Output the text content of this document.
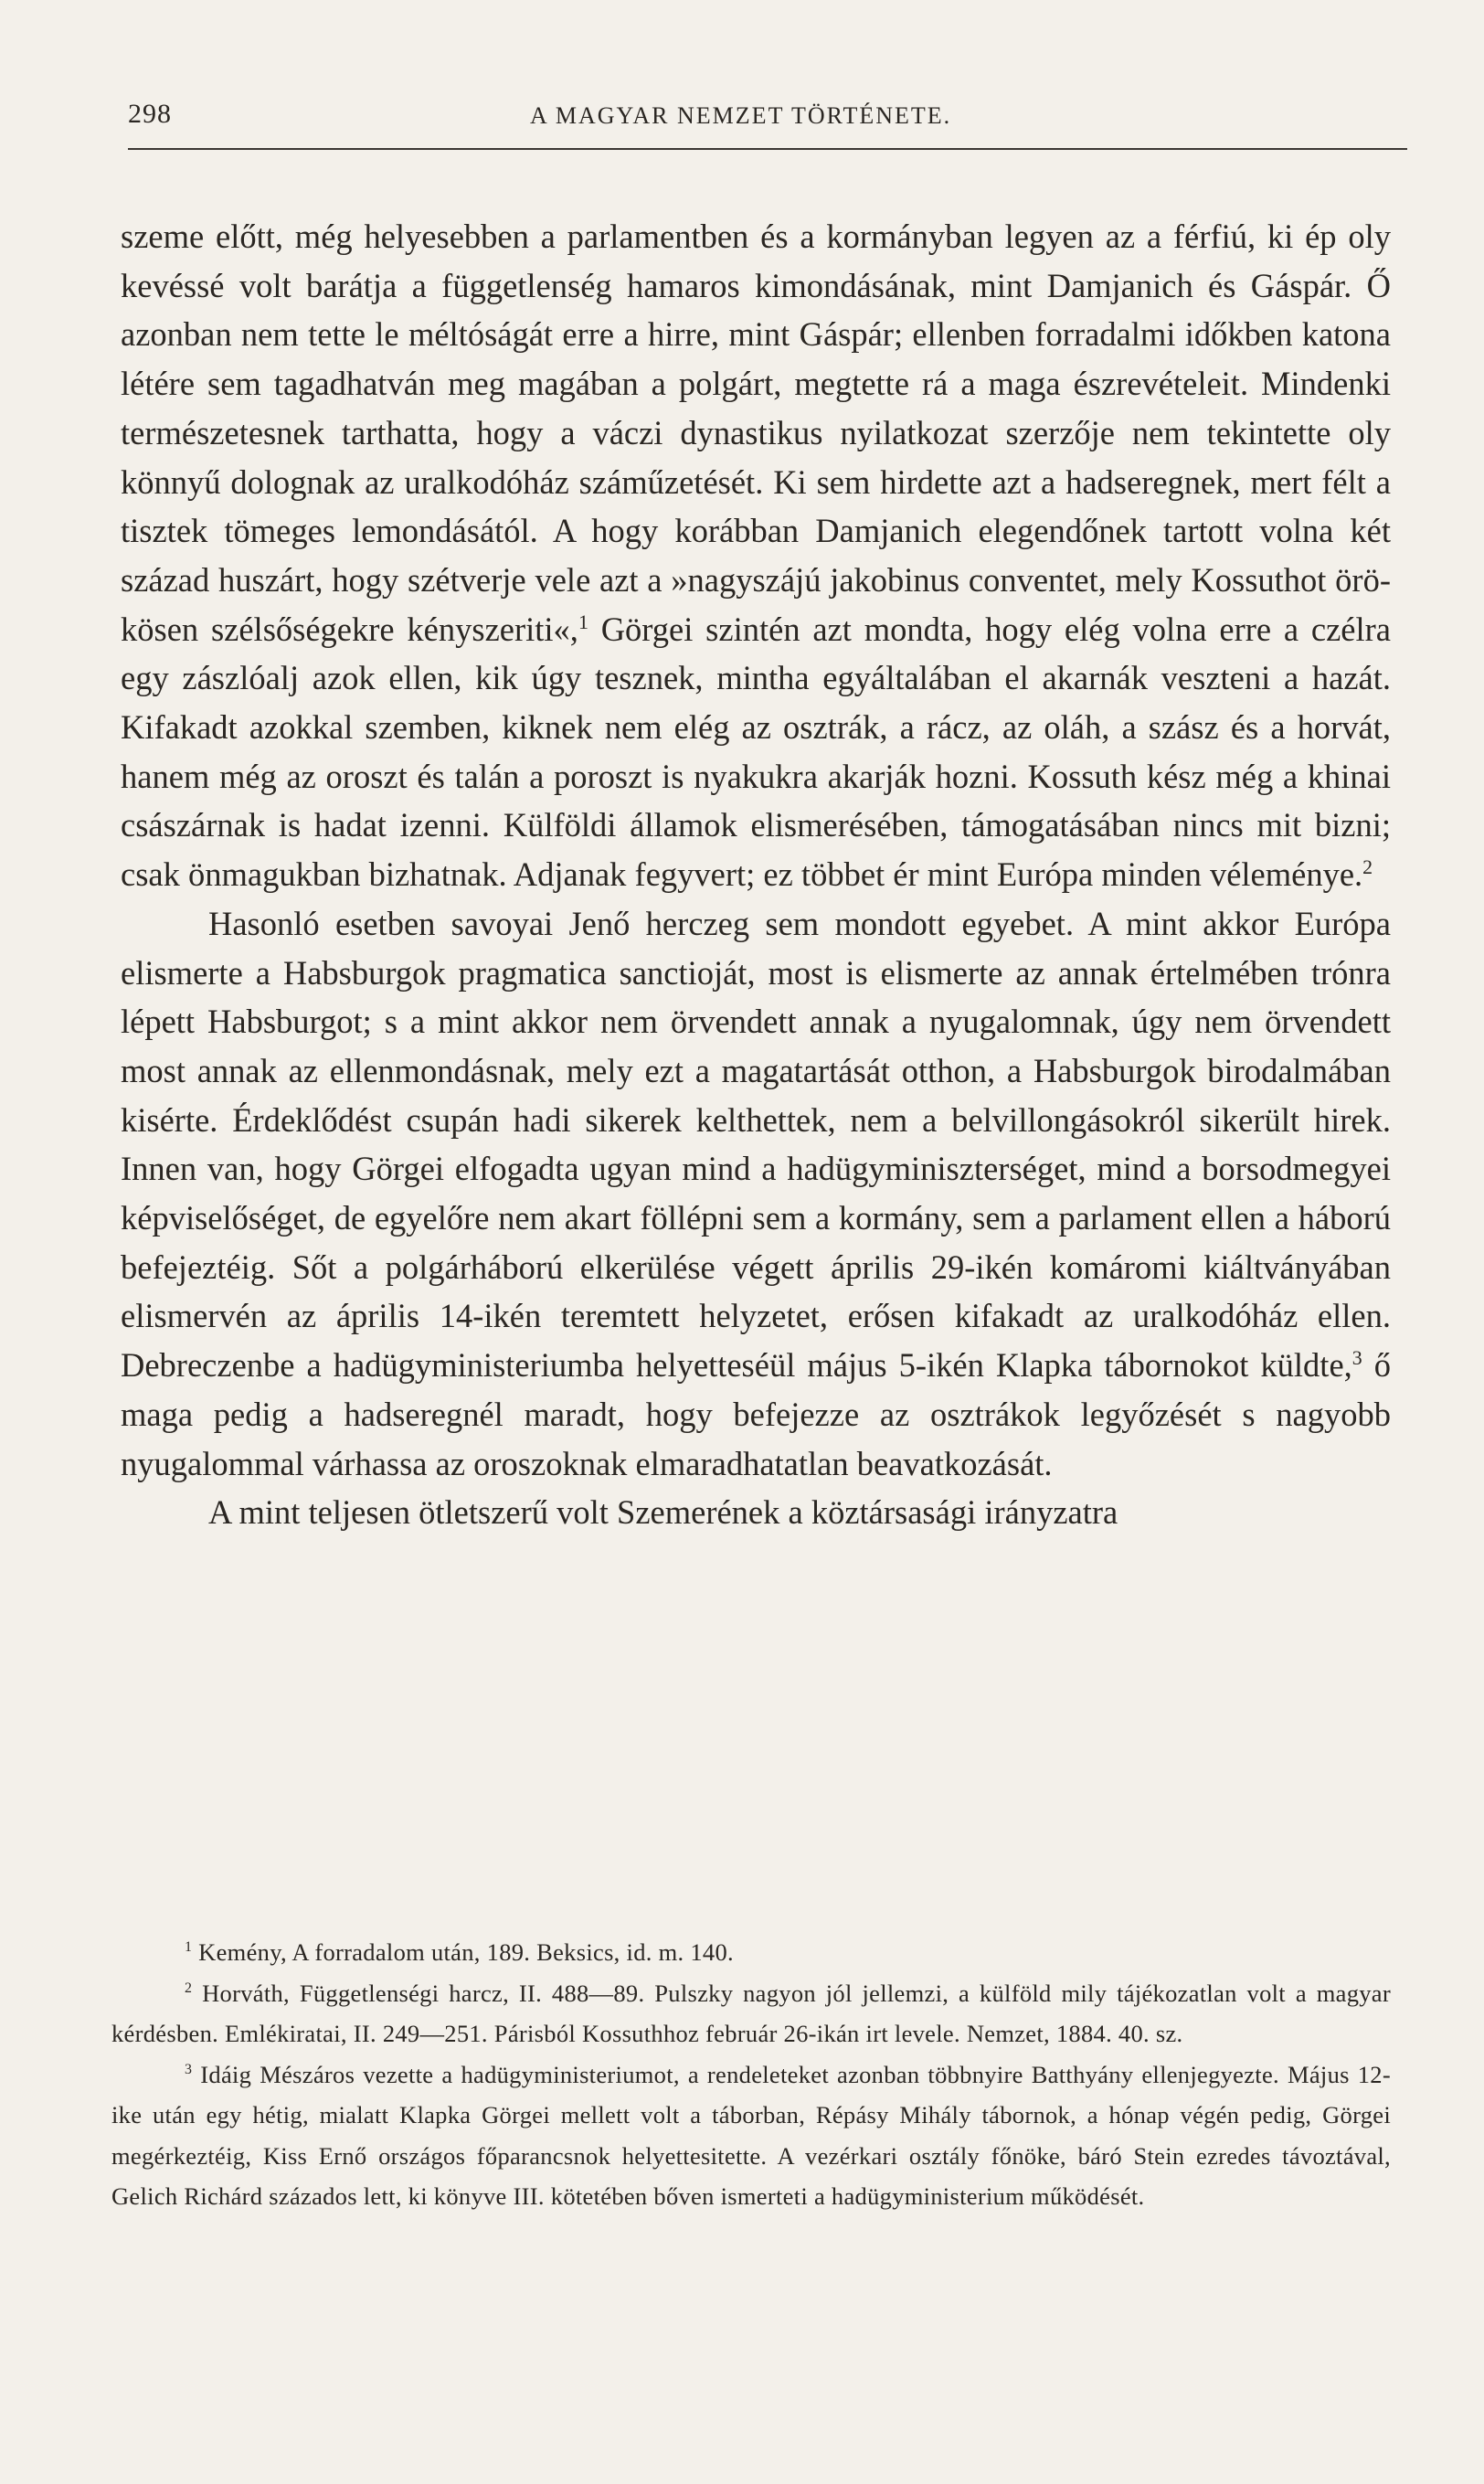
298	A MAGYAR NEMZET TÖRTÉNETE.

szeme előtt, még helyesebben a parlamentben és a kormányban legyen az a férfiú, ki ép oly kevéssé volt barátja a függetlenség hamaros kimondásának, mint Damjanich és Gáspár. Ő azonban nem tette le méltóságát erre a hirre, mint Gáspár; ellenben forradalmi időkben katona létére sem tagadhatván meg magában a polgárt, megtette rá a maga észrevételeit. Mindenki természetesnek tarthatta, hogy a váczi dynastikus nyilatkozat szerzője nem tekintette oly könnyű dolognak az uralkodóház száműzetését. Ki sem hirdette azt a hadseregnek, mert félt a tisztek tömeges lemondásától. A hogy korábban Damjanich elegendőnek tartott volna két század huszárt, hogy szétverje vele azt a »nagyszájú jakobinus conventet, mely Kossuthot örökösen szélsőségekre kényszeriti«,$^1$ Görgei szintén azt mondta, hogy elég volna erre a czélra egy zászlóalj azok ellen, kik úgy tesznek, mintha egyáltalában el akarnák veszteni a hazát. Kifakadt azokkal szemben, kiknek nem elég az osztrák, a rácz, az oláh, a szász és a horvát, hanem még az oroszt és talán a poroszt is nyakukra akarják hozni. Kossuth kész még a khinai császárnak is hadat izenni. Külföldi államok elismerésében, támogatásában nincs mit bizni; csak önmagukban bizhatnak. Adjanak fegyvert; ez többet ér mint Európa minden véleménye.$^2$

Hasonló esetben savoyai Jenő herczeg sem mondott egyebet. A mint akkor Európa elismerte a Habsburgok pragmatica sanctioját, most is elismerte az annak értelmében trónra lépett Habsburgot; s a mint akkor nem örvendett annak a nyugalomnak, úgy nem örvendett most annak az ellenmondásnak, mely ezt a magatartását otthon, a Habsburgok birodalmában kisérte. Érdeklődést csupán hadi sikerek kelthettek, nem a belvillongásokról sikerült hirek. Innen van, hogy Görgei elfogadta ugyan mind a hadügyminiszterséget, mind a borsodmegyei képviselőséget, de egyelőre nem akart föllépni sem a kormány, sem a parlament ellen a háború befejeztéig. Sőt a polgárháború elkerülése végett április 29-ikén komáromi kiáltványában elismervén az április 14-ikén teremtett helyzetet, erősen kifakadt az uralkodóház ellen. Debreczenbe a hadügyministeriumba helyetteséül május 5-ikén Klapka tábornokot küldte,$^3$ ő maga pedig a hadseregnél maradt, hogy befejezze az osztrákok legyőzését s nagyobb nyugalommal várhassa az oroszoknak elmaradhatatlan beavatkozását.

A mint teljesen ötletszerű volt Szemerének a köztársasági irányzatra

$^1$ Kemény, A forradalom után, 189. Beksics, id. m. 140.

$^2$ Horváth, Függetlenségi harcz, II. 488—89. Pulszky nagyon jól jellemzi, a külföld mily tájékozatlan volt a magyar kérdésben. Emlékiratai, II. 249—251. Párisból Kossuthhoz február 26-ikán irt levele. Nemzet, 1884. 40. sz.

$^3$ Idáig Mészáros vezette a hadügyministeriumot, a rendeleteket azonban többnyire Batthyány ellenjegyezte. Május 12-ike után egy hétig, mialatt Klapka Görgei mellett volt a táborban, Répásy Mihály tábornok, a hónap végén pedig, Görgei megérkeztéig, Kiss Ernő országos főparancsnok helyettesitette. A vezérkari osztály főnöke, báró Stein ezredes távoztával, Gelich Richárd százados lett, ki könyve III. kötetében bőven ismerteti a hadügyministerium működését.
